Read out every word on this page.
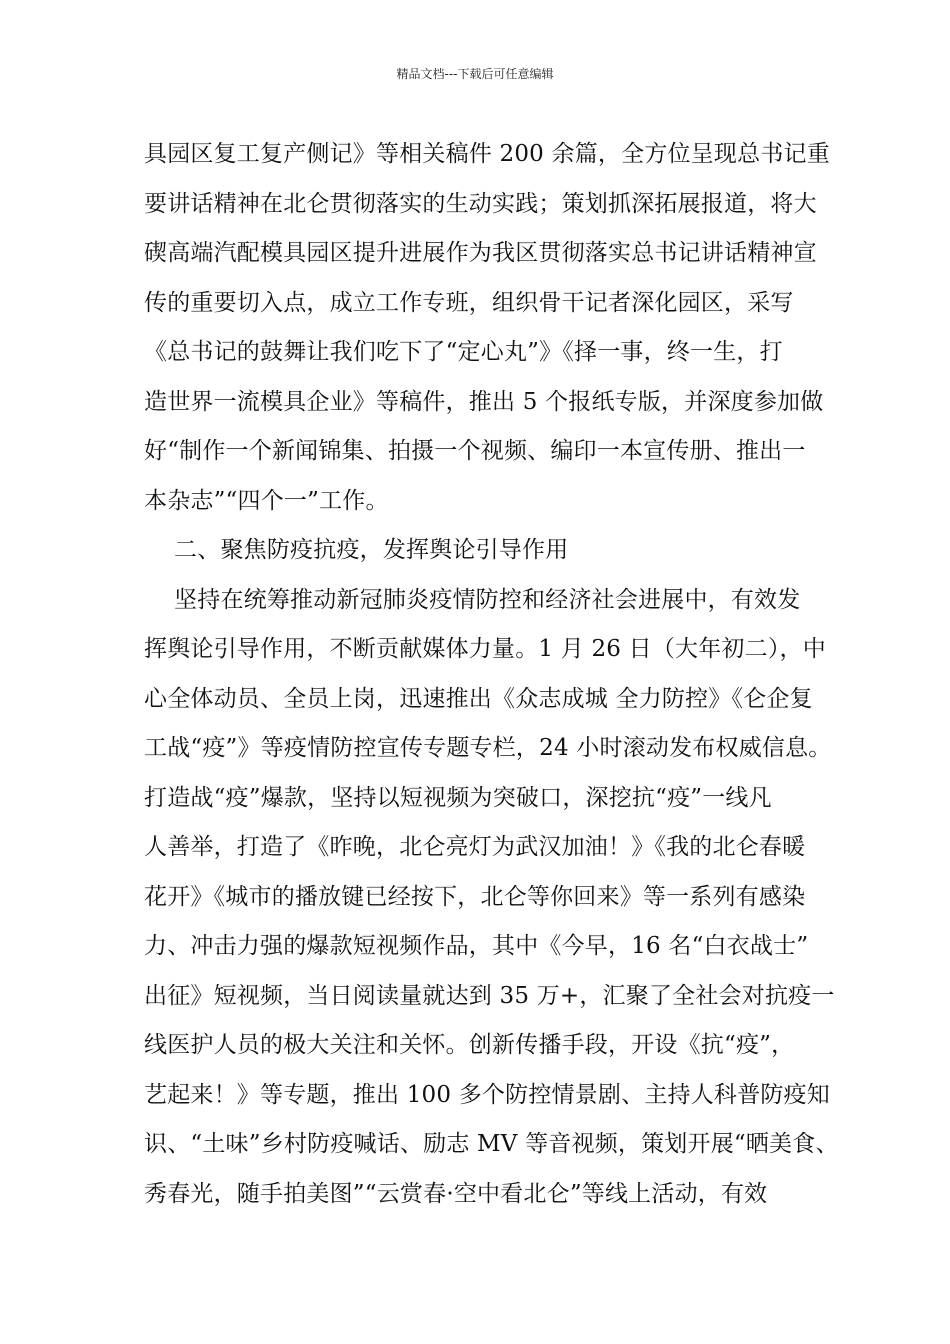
精品文档---下载后可任意编辑
具园区复工复产侧记》等相关稿件 200 余篇，全方位呈现总书记重
要讲话精神在北仑贯彻落实的生动实践；策划抓深拓展报道，将大
碶高端汽配模具园区提升进展作为我区贯彻落实总书记讲话精神宣
传的重要切入点，成立工作专班，组织骨干记者深化园区，采写
《总书记的鼓舞让我们吃下了“定心丸”》《择一事，终一生，打
造世界一流模具企业》等稿件，推出 5 个报纸专版，并深度参加做
好“制作一个新闻锦集、拍摄一个视频、编印一本宣传册、推出一
本杂志”“四个一”工作。
二、聚焦防疫抗疫，发挥舆论引导作用
坚持在统筹推动新冠肺炎疫情防控和经济社会进展中，有效发
挥舆论引导作用，不断贡献媒体力量。1 月 26 日（大年初二），中
心全体动员、全员上岗，迅速推出《众志成城 全力防控》《仑企复
工战“疫”》等疫情防控宣传专题专栏，24 小时滚动发布权威信息。
打造战“疫”爆款，坚持以短视频为突破口，深挖抗“疫”一线凡
人善举，打造了《昨晚，北仑亮灯为武汉加油！》《我的北仑春暖
花开》《城市的播放键已经按下，北仑等你回来》等一系列有感染
力、冲击力强的爆款短视频作品，其中《今早，16 名“白衣战士”
出征》短视频，当日阅读量就达到 35 万+，汇聚了全社会对抗疫一
线医护人员的极大关注和关怀。创新传播手段，开设《抗“疫”，
艺起来！》等专题，推出 100 多个防控情景剧、主持人科普防疫知
识、“土味”乡村防疫喊话、励志 MV 等音视频，策划开展“晒美食、
秀春光，随手拍美图”“云赏春·空中看北仑”等线上活动，有效
